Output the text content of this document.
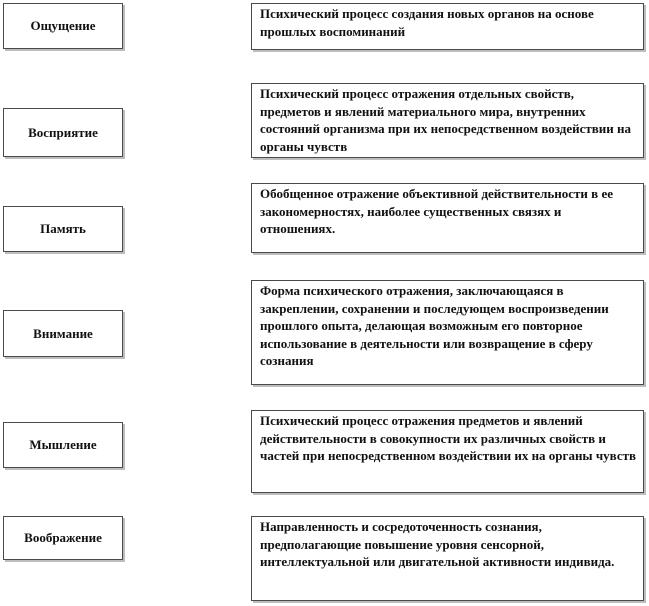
Ощущение
Восприятие
Память
Внимание
Мышление
Воображение
Психический процесс создания новых органов на основе прошлых воспоминаний
Психический процесс отражения отдельных свойств, предметов и явлений материального мира, внутренних состояний организма при их непосредственном воздействии на органы чувств
Обобщенное отражение объективной действительности в ее закономерностях, наиболее существенных связях и отношениях.
Форма психического отражения, заключающаяся в закреплении, сохранении и последующем воспроизведении прошлого опыта, делающая возможным его повторное использование в деятельности или возвращение в сферу сознания
Психический процесс отражения предметов и явлений действительности в совокупности их различных свойств и частей при непосредственном воздействии их на органы чувств
Направленность и сосредоточенность сознания, предполагающие повышение уровня сенсорной, интеллектуальной или двигательной активности индивида.
